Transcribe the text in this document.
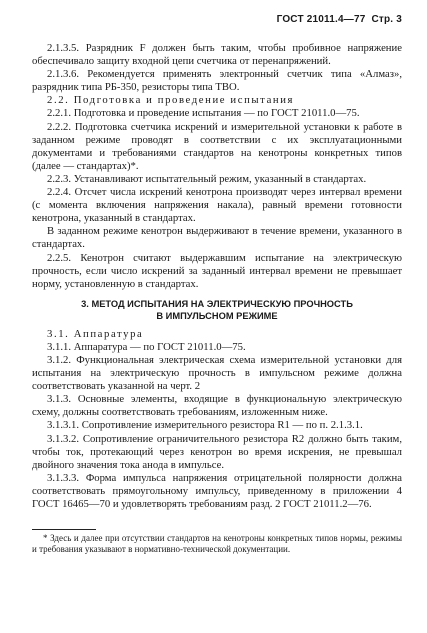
ГОСТ 21011.4—77 Стр. 3

2.1.3.5. Разрядник F должен быть таким, чтобы пробивное напряжение обеспечивало защиту входной цепи счетчика от перенапряжений.

2.1.3.6. Рекомендуется применять электронный счетчик типа «Алмаз», разрядник типа РБ-350, резисторы типа ТВО.

2.2. Подготовка и проведение испытания

2.2.1. Подготовка и проведение испытания — по ГОСТ 21011.0—75.

2.2.2. Подготовка счетчика искрений и измерительной установки к работе в заданном режиме проводят в соответствии с их эксплуатационными документами и требованиями стандартов на кенотроны конкретных типов (далее — стандартах)*.

2.2.3. Устанавливают испытательный режим, указанный в стандартах.

2.2.4. Отсчет числа искрений кенотрона производят через интервал времени (с момента включения напряжения накала), равный времени готовности кенотрона, указанный в стандартах.

В заданном режиме кенотрон выдерживают в течение времени, указанного в стандартах.

2.2.5. Кенотрон считают выдержавшим испытание на электрическую прочность, если число искрений за заданный интервал времени не превышает норму, установленную в стандартах.

3. МЕТОД ИСПЫТАНИЯ НА ЭЛЕКТРИЧЕСКУЮ ПРОЧНОСТЬ
В ИМПУЛЬСНОМ РЕЖИМЕ

3.1. Аппаратура

3.1.1. Аппаратура — по ГОСТ 21011.0—75.

3.1.2. Функциональная электрическая схема измерительной установки для испытания на электрическую прочность в импульсном режиме должна соответствовать указанной на черт. 2

3.1.3. Основные элементы, входящие в функциональную электрическую схему, должны соответствовать требованиям, изложенным ниже.

3.1.3.1. Сопротивление измерительного резистора R1 — по п. 2.1.3.1.

3.1.3.2. Сопротивление ограничительного резистора R2 должно быть таким, чтобы ток, протекающий через кенотрон во время искрения, не превышал двойного значения тока анода в импульсе.

3.1.3.3. Форма импульса напряжения отрицательной полярности должна соответствовать прямоугольному импульсу, приведенному в приложении 4 ГОСТ 16465—70 и удовлетворять требованиям разд. 2 ГОСТ 21011.2—76.

* Здесь и далее при отсутствии стандартов на кенотроны конкретных типов нормы, режимы и требования указывают в нормативно-технической документации.
